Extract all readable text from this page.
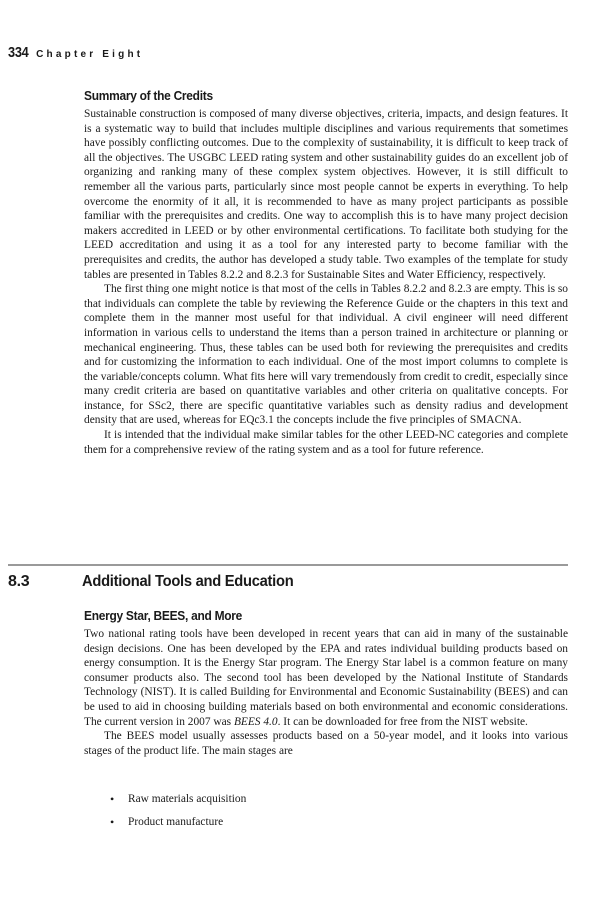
334 Chapter Eight
Summary of the Credits

Sustainable construction is composed of many diverse objectives, criteria, impacts, and design features. It is a systematic way to build that includes multiple disciplines and various requirements that sometimes have possibly conflicting outcomes. Due to the complexity of sustainability, it is difficult to keep track of all the objectives. The USGBC LEED rating system and other sustainability guides do an excellent job of organizing and ranking many of these complex system objectives. However, it is still difficult to remember all the various parts, particularly since most people cannot be experts in everything. To help overcome the enormity of it all, it is recommended to have as many project participants as possible familiar with the prerequisites and credits. One way to accomplish this is to have many project decision makers accredited in LEED or by other environmental certifications. To facilitate both studying for the LEED accreditation and using it as a tool for any interested party to become familiar with the prerequisites and credits, the author has developed a study table. Two examples of the template for study tables are presented in Tables 8.2.2 and 8.2.3 for Sustainable Sites and Water Efficiency, respectively.

The first thing one might notice is that most of the cells in Tables 8.2.2 and 8.2.3 are empty. This is so that individuals can complete the table by reviewing the Reference Guide or the chapters in this text and complete them in the manner most useful for that individual. A civil engineer will need different information in various cells to understand the items than a person trained in architecture or planning or mechanical engineering. Thus, these tables can be used both for reviewing the prerequisites and credits and for customizing the information to each individual. One of the most import columns to complete is the variable/concepts column. What fits here will vary tremendously from credit to credit, especially since many credit criteria are based on quantitative variables and other criteria on qualitative concepts. For instance, for SSc2, there are specific quantitative variables such as density radius and development density that are used, whereas for EQc3.1 the concepts include the five principles of SMACNA.

It is intended that the individual make similar tables for the other LEED-NC categories and complete them for a comprehensive review of the rating system and as a tool for future reference.

8.3	Additional Tools and Education
Energy Star, BEES, and More

Two national rating tools have been developed in recent years that can aid in many of the sustainable design decisions. One has been developed by the EPA and rates individual building products based on energy consumption. It is the Energy Star program. The Energy Star label is a common feature on many consumer products also. The second tool has been developed by the National Institute of Standards Technology (NIST). It is called Building for Environmental and Economic Sustainability (BEES) and can be used to aid in choosing building materials based on both environmental and economic considerations. The current version in 2007 was BEES 4.0. It can be downloaded for free from the NIST website.

The BEES model usually assesses products based on a 50-year model, and it looks into various stages of the product life. The main stages are

• Raw materials acquisition
• Product manufacture
